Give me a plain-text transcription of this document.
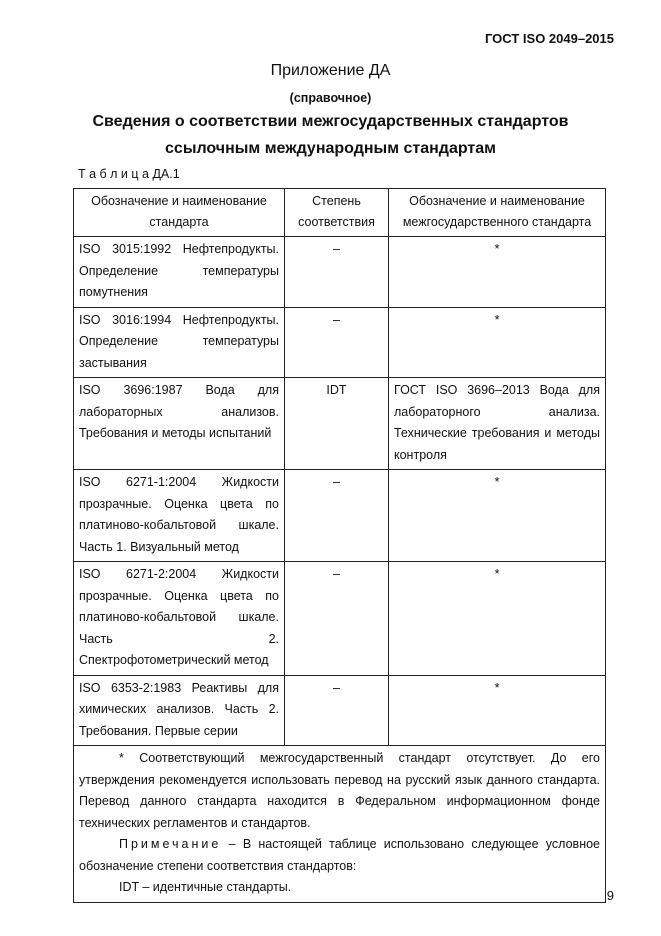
ГОСТ ISO 2049–2015
Приложение ДА
(справочное)
Сведения о соответствии межгосударственных стандартов
ссылочным международным стандартам
Т а б л и ц а ДА.1
Обозначение и наименование стандарта	Степень соответствия	Обозначение и наименование межгосударственного стандарта
ISO 3015:1992 Нефтепродукты. Определение температуры помутнения	–	*
ISO 3016:1994 Нефтепродукты. Определение температуры застывания	–	*
ISO 3696:1987 Вода для лабораторных анализов. Требования и методы испытаний	IDT	ГОСТ ISO 3696–2013 Вода для лабораторного анализа. Технические требования и методы контроля
ISO 6271-1:2004 Жидкости прозрачные. Оценка цвета по платиново-кобальтовой шкале. Часть 1. Визуальный метод	–	*
ISO 6271-2:2004 Жидкости прозрачные. Оценка цвета по платиново-кобальтовой шкале. Часть 2. Спектрофотометрический метод	–	*
ISO 6353-2:1983 Реактивы для химических анализов. Часть 2. Требования. Первые серии	–	*

* Соответствующий межгосударственный стандарт отсутствует. До его утверждения рекомендуется использовать перевод на русский язык данного стандарта. Перевод данного стандарта находится в Федеральном информационном фонде технических регламентов и стандартов.

Примечание – В настоящей таблице использовано следующее условное обозначение степени соответствия стандартов:

IDT – идентичные стандарты.		

9
